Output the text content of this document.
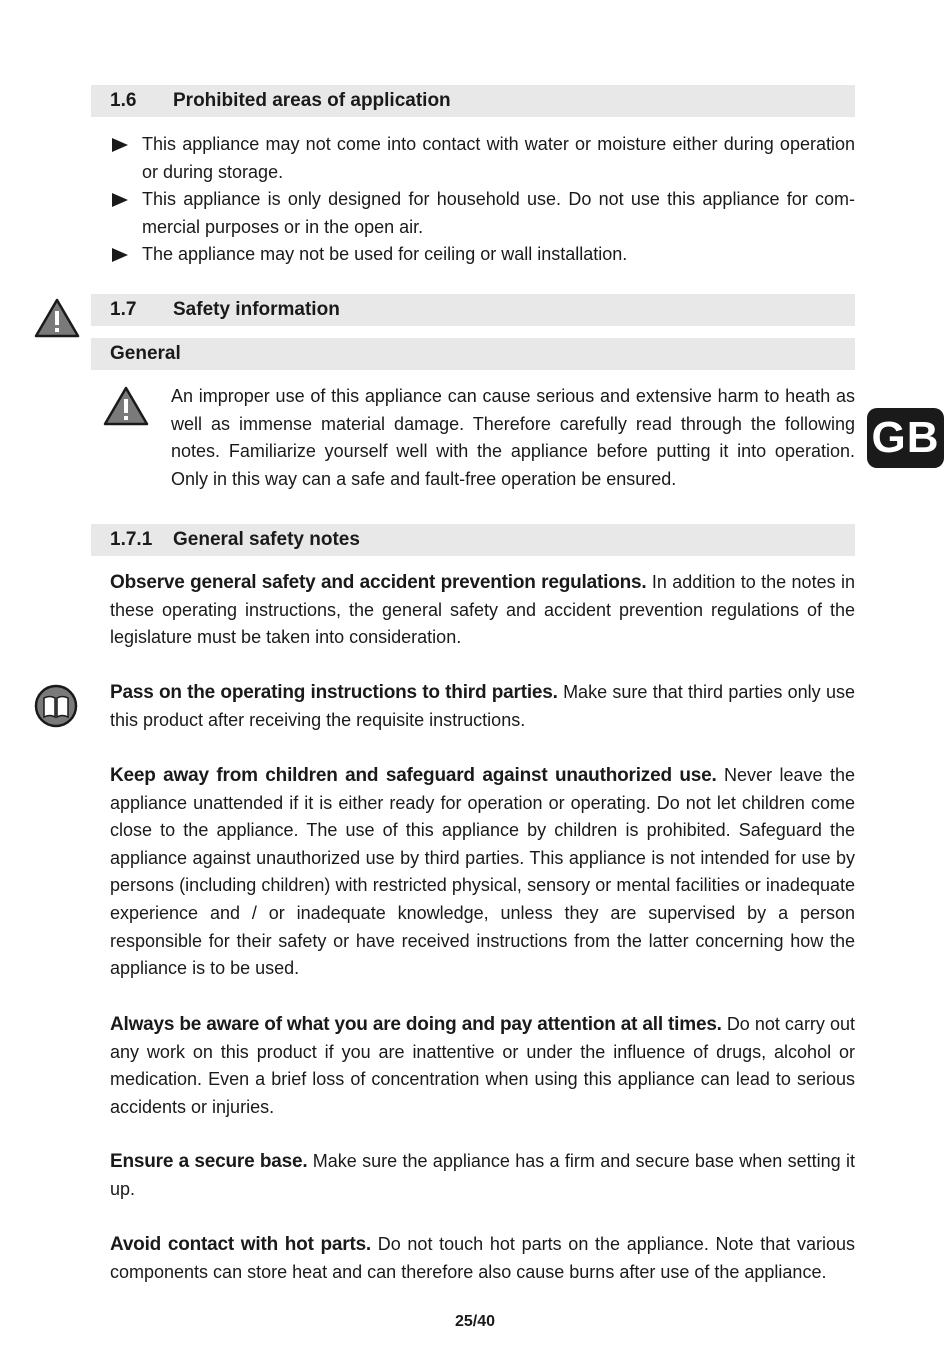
1.6	Prohibited areas of application
This appliance may not come into contact with water or moisture either during operation or during storage.
This appliance is only designed for household use. Do not use this appliance for commercial purposes or in the open air.
The appliance may not be used for ceiling or wall installation.
1.7	Safety information
General

An improper use of this appliance can cause serious and extensive harm to heath as well as immense material damage. Therefore carefully read through the following notes. Familiarize yourself well with the appliance before putting it into operation. Only in this way can a safe and fault-free operation be ensured.

GB
1.7.1	General safety notes

Observe general safety and accident prevention regulations. In addition to the notes in these operating instructions, the general safety and accident prevention regulations of the legislature must be taken into consideration.

Pass on the operating instructions to third parties. Make sure that third parties only use this product after receiving the requisite instructions.

Keep away from children and safeguard against unauthorized use. Never leave the appliance unattended if it is either ready for operation or operating. Do not let children come close to the appliance. The use of this appliance by children is prohibited. Safeguard the appliance against unauthorized use by third parties. This appliance is not intended for use by persons (including children) with restricted physical, sensory or mental facilities or inadequate experience and / or inadequate knowledge, unless they are supervised by a person responsible for their safety or have received instructions from the latter concerning how the appliance is to be used.

Always be aware of what you are doing and pay attention at all times. Do not carry out any work on this product if you are inattentive or under the influence of drugs, alcohol or medication. Even a brief loss of concentration when using this appliance can lead to serious accidents or injuries.

Ensure a secure base. Make sure the appliance has a firm and secure base when setting it up.

Avoid contact with hot parts. Do not touch hot parts on the appliance. Note that various components can store heat and can therefore also cause burns after use of the appliance.

25/40
